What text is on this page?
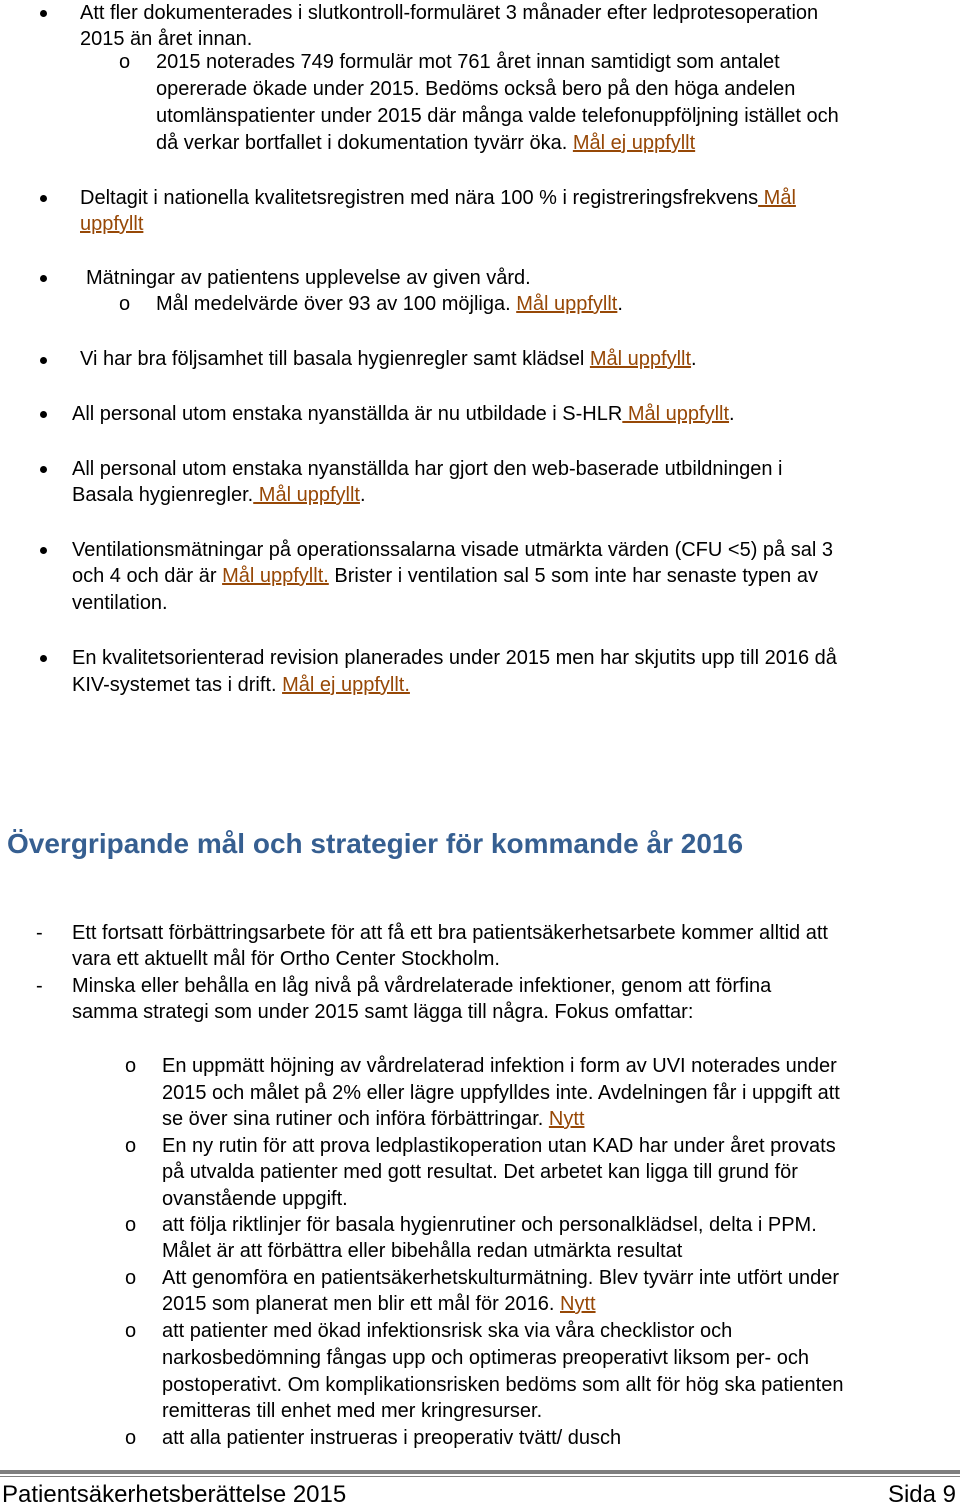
Att fler dokumenterades i slutkontroll-formuläret 3 månader efter ledprotesoperation
2015 än året innan.
o 2015 noterades 749 formulär mot 761 året innan samtidigt som antalet
opererade ökade under 2015. Bedöms också bero på den höga andelen
utomlänspatienter under 2015 där många valde telefonuppföljning istället och
då verkar bortfallet i dokumentation tyvärr öka. Mål ej uppfyllt
Deltagit i nationella kvalitetsregistren med nära 100 % i registreringsfrekvens Mål
uppfyllt
Mätningar av patientens upplevelse av given vård.
o Mål medelvärde över 93 av 100 möjliga. Mål uppfyllt.
Vi har bra följsamhet till basala hygienregler samt klädsel Mål uppfyllt.
All personal utom enstaka nyanställda är nu utbildade i S-HLR Mål uppfyllt.
All personal utom enstaka nyanställda har gjort den web-baserade utbildningen i
Basala hygienregler. Mål uppfyllt.
Ventilationsmätningar på operationssalarna visade utmärkta värden (CFU <5) på sal 3
och 4 och där är Mål uppfyllt. Brister i ventilation sal 5 som inte har senaste typen av
ventilation.
En kvalitetsorienterad revision planerades under 2015 men har skjutits upp till 2016 då
KIV-systemet tas i drift. Mål ej uppfyllt.
Övergripande mål och strategier för kommande år 2016
- Ett fortsatt förbättringsarbete för att få ett bra patientsäkerhetsarbete kommer alltid att
vara ett aktuellt mål för Ortho Center Stockholm.
- Minska eller behålla en låg nivå på vårdrelaterade infektioner, genom att förfina
samma strategi som under 2015 samt lägga till några. Fokus omfattar:
o En uppmätt höjning av vårdrelaterad infektion i form av UVI noterades under
2015 och målet på 2% eller lägre uppfylldes inte. Avdelningen får i uppgift att
se över sina rutiner och införa förbättringar. Nytt
o En ny rutin för att prova ledplastikoperation utan KAD har under året provats
på utvalda patienter med gott resultat. Det arbetet kan ligga till grund för
ovanstående uppgift.
o att följa riktlinjer för basala hygienrutiner och personalklädsel, delta i PPM.
Målet är att förbättra eller bibehålla redan utmärkta resultat
o Att genomföra en patientsäkerhetskulturmätning. Blev tyvärr inte utfört under
2015 som planerat men blir ett mål för 2016. Nytt
o att patienter med ökad infektionsrisk ska via våra checklistor och
narkosbedömning fångas upp och optimeras preoperativt liksom per- och
postoperativt. Om komplikationsrisken bedöms som allt för hög ska patienten
remitteras till enhet med mer kringresurser.
o att alla patienter instrueras i preoperativ tvätt/ dusch
Patientsäkerhetsberättelse 2015	Sida 9
